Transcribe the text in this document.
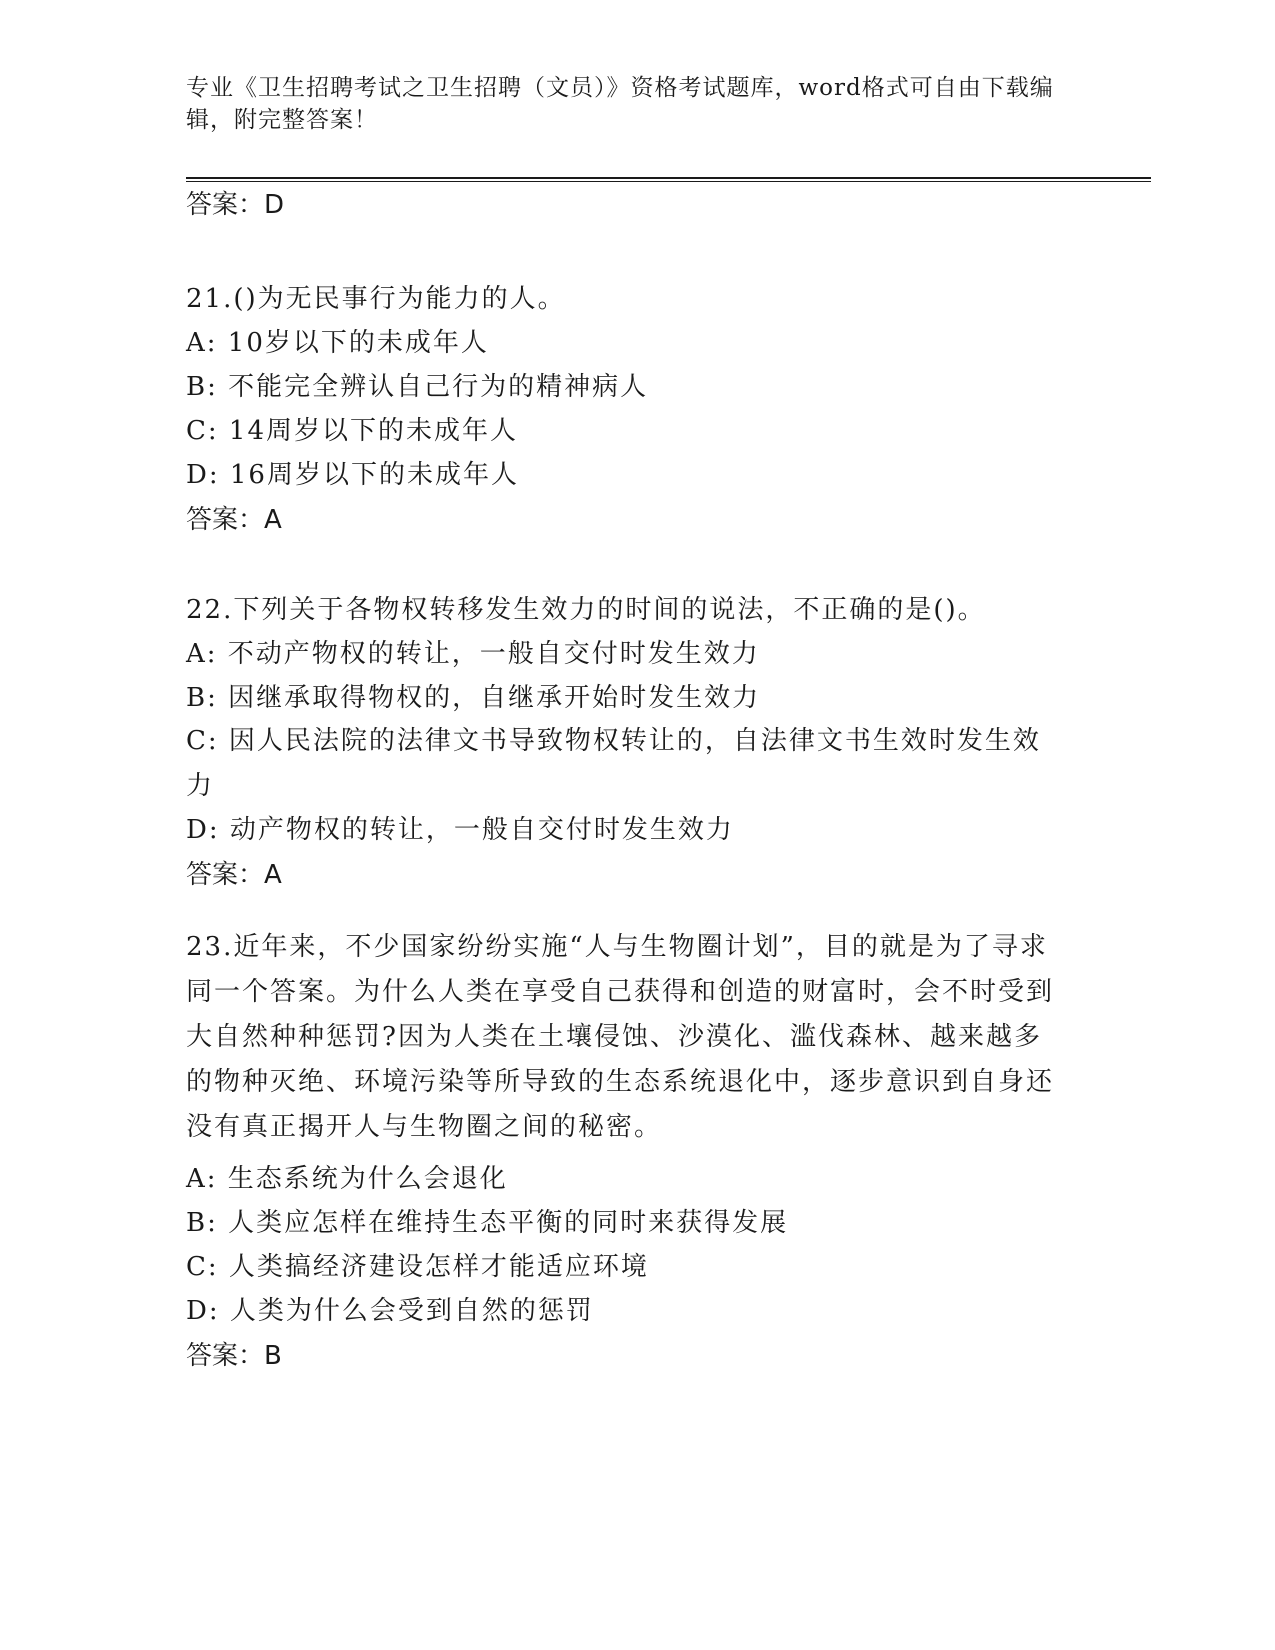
专业《卫生招聘考试之卫生招聘（文员）》资格考试题库，word格式可自由下载编辑，附完整答案！
答案：D
21.()为无民事行为能力的人。
A: 10岁以下的未成年人
B: 不能完全辨认自己行为的精神病人
C: 14周岁以下的未成年人
D: 16周岁以下的未成年人
答案：A
22.下列关于各物权转移发生效力的时间的说法，不正确的是()。
A: 不动产物权的转让，一般自交付时发生效力
B: 因继承取得物权的，自继承开始时发生效力
C: 因人民法院的法律文书导致物权转让的，自法律文书生效时发生效力
D: 动产物权的转让，一般自交付时发生效力
答案：A
23.近年来，不少国家纷纷实施“人与生物圈计划”，目的就是为了寻求同一个答案。为什么人类在享受自己获得和创造的财富时，会不时受到大自然种种惩罚?因为人类在土壤侵蚀、沙漠化、滥伐森林、越来越多的物种灭绝、环境污染等所导致的生态系统退化中，逐步意识到自身还没有真正揭开人与生物圈之间的秘密。
A: 生态系统为什么会退化
B: 人类应怎样在维持生态平衡的同时来获得发展
C: 人类搞经济建设怎样才能适应环境
D: 人类为什么会受到自然的惩罚
答案：B
